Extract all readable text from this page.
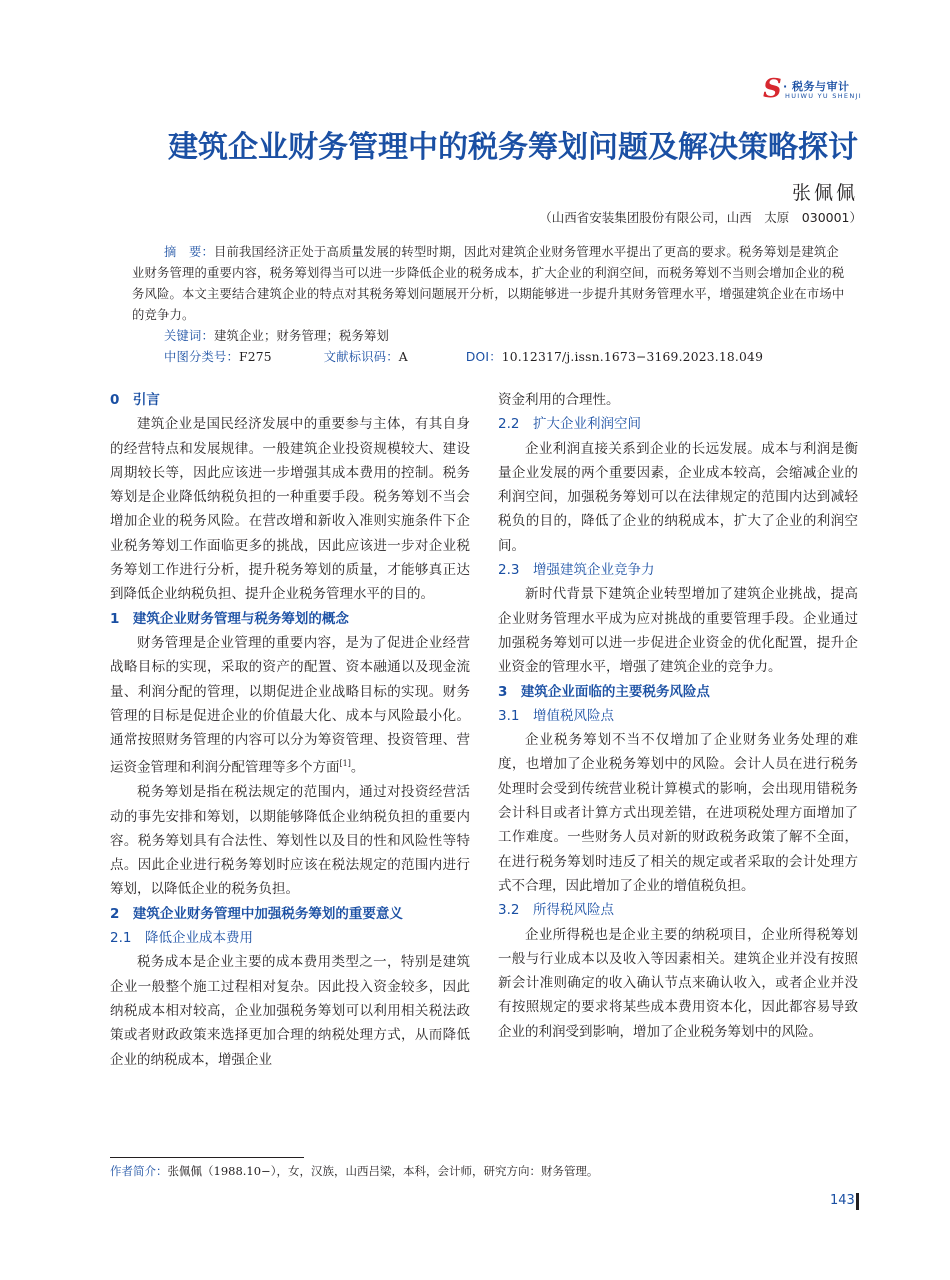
S · 税务与审计
HUIWU YU SHENJI
建筑企业财务管理中的税务筹划问题及解决策略探讨
张佩佩
（山西省安装集团股份有限公司，山西　太原　030001）

摘　要：目前我国经济正处于高质量发展的转型时期，因此对建筑企业财务管理水平提出了更高的要求。税务筹划是建筑企业财务管理的重要内容，税务筹划得当可以进一步降低企业的税务成本，扩大企业的利润空间，而税务筹划不当则会增加企业的税务风险。本文主要结合建筑企业的特点对其税务筹划问题展开分析，以期能够进一步提升其财务管理水平，增强建筑企业在市场中的竞争力。

关键词：建筑企业；财务管理；税务筹划

中图分类号：F275	文献标识码：A	DOI：10.12317/j.issn.1673−3169.2023.18.049

0　引言

建筑企业是国民经济发展中的重要参与主体，有其自身的经营特点和发展规律。一般建筑企业投资规模较大、建设周期较长等，因此应该进一步增强其成本费用的控制。税务筹划是企业降低纳税负担的一种重要手段。税务筹划不当会增加企业的税务风险。在营改增和新收入准则实施条件下企业税务筹划工作面临更多的挑战，因此应该进一步对企业税务筹划工作进行分析，提升税务筹划的质量，才能够真正达到降低企业纳税负担、提升企业税务管理水平的目的。

1　建筑企业财务管理与税务筹划的概念

财务管理是企业管理的重要内容，是为了促进企业经营战略目标的实现，采取的资产的配置、资本融通以及现金流量、利润分配的管理，以期促进企业战略目标的实现。财务管理的目标是促进企业的价值最大化、成本与风险最小化。通常按照财务管理的内容可以分为筹资管理、投资管理、营运资金管理和利润分配管理等多个方面[1]。

税务筹划是指在税法规定的范围内，通过对投资经营活动的事先安排和筹划，以期能够降低企业纳税负担的重要内容。税务筹划具有合法性、筹划性以及目的性和风险性等特点。因此企业进行税务筹划时应该在税法规定的范围内进行筹划，以降低企业的税务负担。

2　建筑企业财务管理中加强税务筹划的重要意义
2.1　降低企业成本费用

税务成本是企业主要的成本费用类型之一，特别是建筑企业一般整个施工过程相对复杂。因此投入资金较多，因此纳税成本相对较高，企业加强税务筹划可以利用相关税法政策或者财政政策来选择更加合理的纳税处理方式，从而降低企业的纳税成本，增强企业

资金利用的合理性。

2.2　扩大企业利润空间

企业利润直接关系到企业的长远发展。成本与利润是衡量企业发展的两个重要因素，企业成本较高，会缩减企业的利润空间，加强税务筹划可以在法律规定的范围内达到减轻税负的目的，降低了企业的纳税成本，扩大了企业的利润空间。

2.3　增强建筑企业竞争力

新时代背景下建筑企业转型增加了建筑企业挑战，提高企业财务管理水平成为应对挑战的重要管理手段。企业通过加强税务筹划可以进一步促进企业资金的优化配置，提升企业资金的管理水平，增强了建筑企业的竞争力。

3　建筑企业面临的主要税务风险点
3.1　增值税风险点

企业税务筹划不当不仅增加了企业财务业务处理的难度，也增加了企业税务筹划中的风险。会计人员在进行税务处理时会受到传统营业税计算模式的影响，会出现用错税务会计科目或者计算方式出现差错，在进项税处理方面增加了工作难度。一些财务人员对新的财政税务政策了解不全面，在进行税务筹划时违反了相关的规定或者采取的会计处理方式不合理，因此增加了企业的增值税负担。

3.2　所得税风险点

企业所得税也是企业主要的纳税项目，企业所得税筹划一般与行业成本以及收入等因素相关。建筑企业并没有按照新会计准则确定的收入确认节点来确认收入，或者企业并没有按照规定的要求将某些成本费用资本化，因此都容易导致企业的利润受到影响，增加了企业税务筹划中的风险。

作者简介：张佩佩（1988.10−），女，汉族，山西吕梁，本科，会计师，研究方向：财务管理。
143
